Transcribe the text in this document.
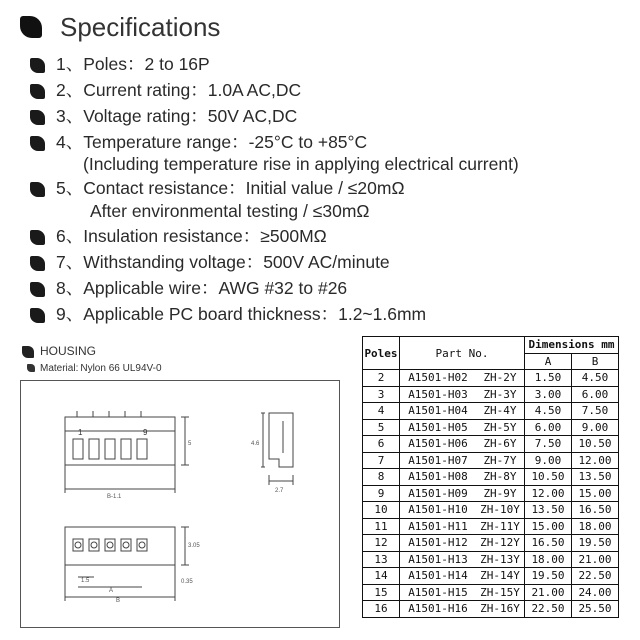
Specifications
1、Poles ： 2 to 16P
2、Current rating ： 1.0A AC,DC
3、Voltage rating ： 50V AC,DC
4、Temperature range ： -25°C to +85°C
(Including temperature rise in applying electrical current)
5、Contact resistance ： Initial value / ≤20mΩ
After environmental testing / ≤30mΩ
6、Insulation resistance ： ≥500MΩ
7、Withstanding voltage ： 500V AC/minute
8、Applicable wire ： AWG #32 to #26
9、Applicable PC board thickness ： 1.2~1.6mm
HOUSING
Material : Nylon 66 UL94V-0
1	9
B-1.1
5	4.6
2.7
1.5
A
B
3.05
0.35
Poles	Part No.		Dimensions mm	
			A	B
2	A1501-H02	ZH-2Y	1.50	4.50
3	A1501-H03	ZH-3Y	3.00	6.00
4	A1501-H04	ZH-4Y	4.50	7.50
5	A1501-H05	ZH-5Y	6.00	9.00
6	A1501-H06	ZH-6Y	7.50	10.50
7	A1501-H07	ZH-7Y	9.00	12.00
8	A1501-H08	ZH-8Y	10.50	13.50
9	A1501-H09	ZH-9Y	12.00	15.00
10	A1501-H10	ZH-10Y	13.50	16.50
11	A1501-H11	ZH-11Y	15.00	18.00
12	A1501-H12	ZH-12Y	16.50	19.50
13	A1501-H13	ZH-13Y	18.00	21.00
14	A1501-H14	ZH-14Y	19.50	22.50
15	A1501-H15	ZH-15Y	21.00	24.00
16	A1501-H16	ZH-16Y	22.50	25.50
